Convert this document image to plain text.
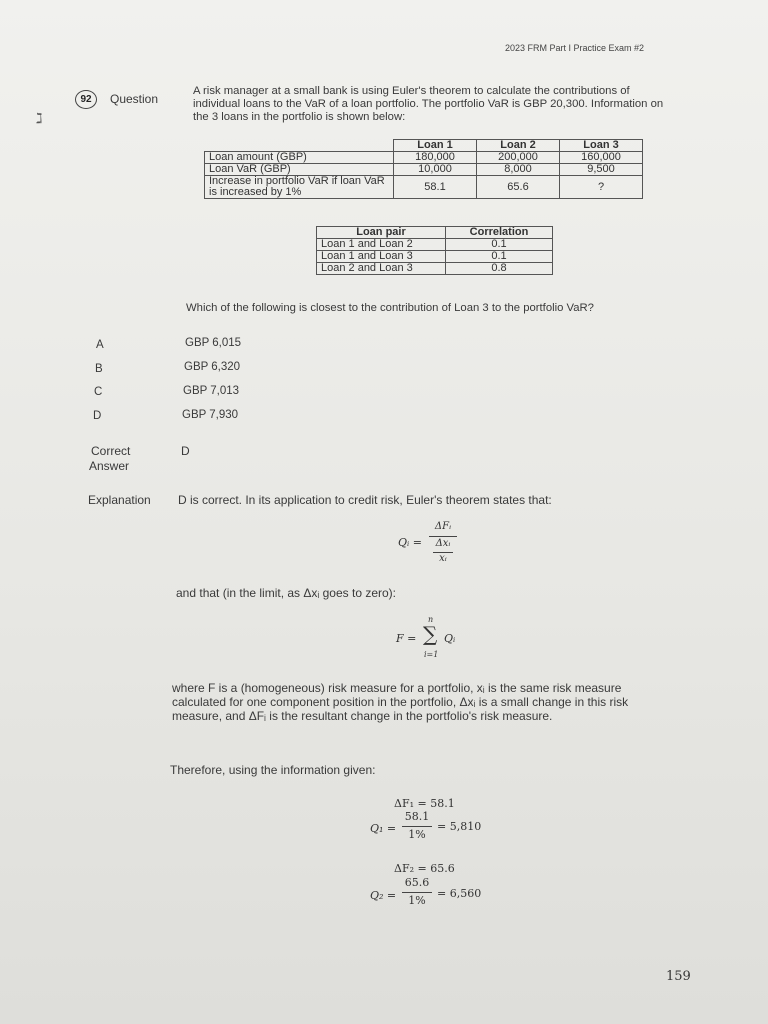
2023 FRM Part I Practice Exam #2
92
ℷ
Question
A risk manager at a small bank is using Euler's theorem to calculate the contributions of individual loans to the VaR of a loan portfolio. The portfolio VaR is GBP 20,300. Information on the 3 loans in the portfolio is shown below:
	Loan 1	Loan 2	Loan 3
Loan amount (GBP)	180,000	200,000	160,000
Loan VaR (GBP)	10,000	8,000	9,500
Increase in portfolio VaR if loan VaR is increased by 1%	58.1	65.6	?
Loan pair	Correlation
Loan 1 and Loan 2	0.1
Loan 1 and Loan 3	0.1
Loan 2 and Loan 3	0.8
Which of the following is closest to the contribution of Loan 3 to the portfolio VaR?
A	GBP 6,015
B	GBP 6,320
C	GBP 7,013
D	GBP 7,930
Correct
Answer
D
Explanation D is correct. In its application to credit risk, Euler's theorem states that:
Qᵢ =
ΔFᵢ
Δxᵢ
xᵢ
and that (in the limit, as Δxᵢ goes to zero):
F =
n
∑
i=1
Qᵢ
where F is a (homogeneous) risk measure for a portfolio, xᵢ is the same risk measure calculated for one component position in the portfolio, Δxᵢ is a small change in this risk measure, and ΔFᵢ is the resultant change in the portfolio's risk measure.
Therefore, using the information given:
ΔF₁ = 58.1
Q₁ =
58.1
1%
= 5,810
ΔF₂ = 65.6
Q₂ =
65.6
1%
= 6,560
159
